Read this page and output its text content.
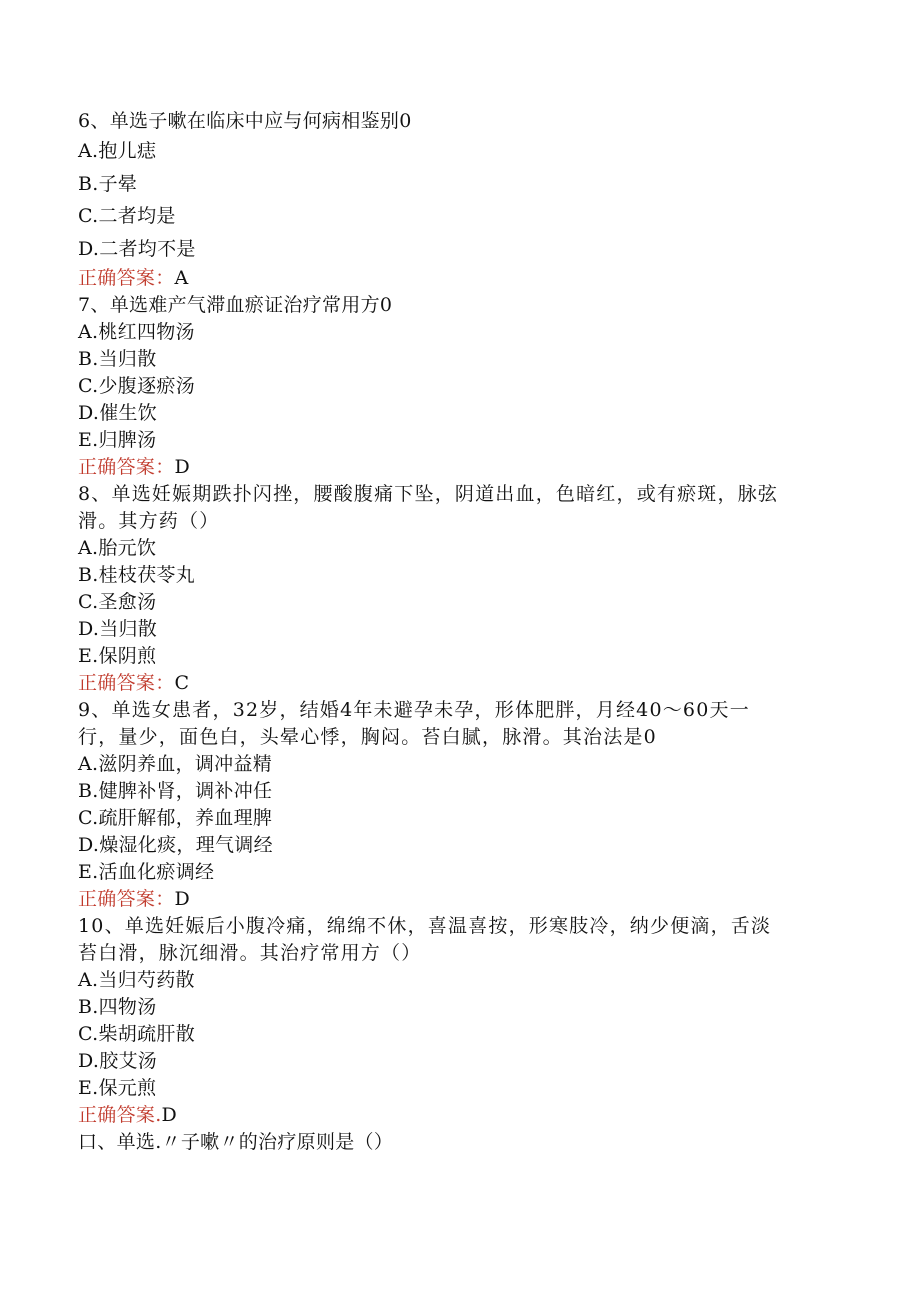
6、单选子嗽在临床中应与何病相鉴别0
A.抱儿痣
B.子晕
C.二者均是
D.二者均不是
正确答案：A
7、单选难产气滞血瘀证治疗常用方0
A.桃红四物汤
B.当归散
C.少腹逐瘀汤
D.催生饮
E.归脾汤
正确答案：D
8、单选妊娠期跌扑闪挫，腰酸腹痛下坠，阴道出血，色暗红，或有瘀斑，脉弦
滑。其方药（）
A.胎元饮
B.桂枝茯苓丸
C.圣愈汤
D.当归散
E.保阴煎
正确答案：C
9、单选女患者，32岁，结婚4年未避孕未孕，形体肥胖，月经40～60天一
行，量少，面色白，头晕心悸，胸闷。苔白腻，脉滑。其治法是0
A.滋阴养血，调冲益精
B.健脾补肾，调补冲任
C.疏肝解郁，养血理脾
D.燥湿化痰，理气调经
E.活血化瘀调经
正确答案：D
10、单选妊娠后小腹冷痛，绵绵不休，喜温喜按，形寒肢冷，纳少便滴，舌淡
苔白滑，脉沉细滑。其治疗常用方（）
A.当归芍药散
B.四物汤
C.柴胡疏肝散
D.胶艾汤
E.保元煎
正确答案.D
口、单选.〃子嗽〃的治疗原则是（）
